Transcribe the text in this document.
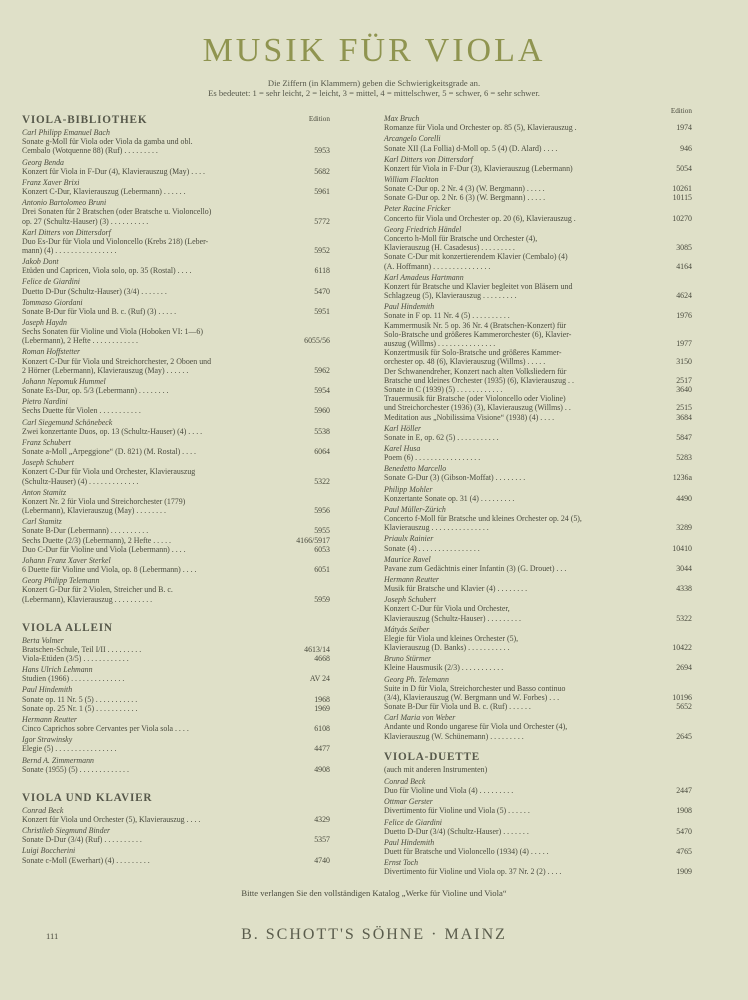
MUSIK FÜR VIOLA
Die Ziffern (in Klammern) geben die Schwierigkeitsgrade an.
Es bedeutet: 1 = sehr leicht, 2 = leicht, 3 = mittel, 4 = mittelschwer, 5 = schwer, 6 = sehr schwer.
VIOLA-BIBLIOTHEK	Edition
Carl Philipp Emanuel Bach
Sonate g-Moll für Viola oder Viola da gamba und obl.
Cembalo (Wotquenne 88) (Ruf) . . . . . . . . .	5953
Georg Benda
Konzert für Viola in F-Dur (4), Klavierauszug (May) . . . .	5682
Franz Xaver Brixi
Konzert C-Dur, Klavierauszug (Lebermann) . . . . . .	5961
Antonio Bartolomeo Bruni
Drei Sonaten für 2 Bratschen (oder Bratsche u. Violoncello)
op. 27 (Schultz-Hauser) (3) . . . . . . . . . .	5772
Karl Ditters von Dittersdorf
Duo Es-Dur für Viola und Violoncello (Krebs 218) (Leber-
mann) (4) . . . . . . . . . . . . . . . .	5952
Jakob Dont
Etüden und Capricen, Viola solo, op. 35 (Rostal) . . . .	6118
Felice de Giardini
Duetto D-Dur (Schultz-Hauser) (3/4) . . . . . . .	5470
Tommaso Giordani
Sonate B-Dur für Viola und B. c. (Ruf) (3) . . . . .	5951
Joseph Haydn
Sechs Sonaten für Violine und Viola (Hoboken VI: 1—6)
(Lebermann), 2 Hefte . . . . . . . . . . . .	6055/56
Roman Hoffstetter
Konzert C-Dur für Viola und Streichorchester, 2 Oboen und
2 Hörner (Lebermann), Klavierauszug (May) . . . . . .	5962
Johann Nepomuk Hummel
Sonate Es-Dur, op. 5/3 (Lebermann) . . . . . . . .	5954
Pietro Nardini
Sechs Duette für Violen . . . . . . . . . . .	5960
Carl Siegemund Schönebeck
Zwei konzertante Duos, op. 13 (Schultz-Hauser) (4) . . . .	5538
Franz Schubert
Sonate a-Moll „Arpeggione“ (D. 821) (M. Rostal) . . . .	6064
Joseph Schubert
Konzert C-Dur für Viola und Orchester, Klavierauszug
(Schultz-Hauser) (4) . . . . . . . . . . . . .	5322
Anton Stamitz
Konzert Nr. 2 für Viola und Streichorchester (1779)
(Lebermann), Klavierauszug (May) . . . . . . . .	5956
Carl Stamitz
Sonate B-Dur (Lebermann) . . . . . . . . . .	5955
Sechs Duette (2/3) (Lebermann), 2 Hefte . . . . .	4166/5917
Duo C-Dur für Violine und Viola (Lebermann) . . . .	6053
Johann Franz Xaver Sterkel
6 Duette für Violine und Viola, op. 8 (Lebermann) . . . .	6051
Georg Philipp Telemann
Konzert G-Dur für 2 Violen, Streicher und B. c.
(Lebermann), Klavierauszug . . . . . . . . . .	5959
VIOLA ALLEIN
Berta Volmer
Bratschen-Schule, Teil I/II . . . . . . . . .	4613/14
Viola-Etüden (3/5) . . . . . . . . . . . .	4668
Hans Ulrich Lehmann
Studien (1966) . . . . . . . . . . . . . .	AV 24
Paul Hindemith
Sonate op. 11 Nr. 5 (5) . . . . . . . . . . .	1968
Sonate op. 25 Nr. 1 (5) . . . . . . . . . . .	1969
Hermann Reutter
Cinco Caprichos sobre Cervantes per Viola sola . . . .	6108
Igor Strawinsky
Elegie (5) . . . . . . . . . . . . . . . .	4477
Bernd A. Zimmermann
Sonate (1955) (5) . . . . . . . . . . . . .	4908
VIOLA UND KLAVIER
Conrad Beck
Konzert für Viola und Orchester (5), Klavierauszug . . . .	4329
Christlieb Siegmund Binder
Sonate D-Dur (3/4) (Ruf) . . . . . . . . . .	5357
Luigi Boccherini
Sonate c-Moll (Ewerhart) (4) . . . . . . . . .	4740
Edition
Max Bruch
Romanze für Viola und Orchester op. 85 (5), Klavierauszug .	1974
Arcangelo Corelli
Sonate XII (La Follia) d-Moll op. 5 (4) (D. Alard) . . . .	946
Karl Ditters von Dittersdorf
Konzert für Viola in F-Dur (3), Klavierauszug (Lebermann)	5054
William Flackton
Sonate C-Dur op. 2 Nr. 4 (3) (W. Bergmann) . . . . .	10261
Sonate G-Dur op. 2 Nr. 6 (3) (W. Bergmann) . . . . .	10115
Peter Racine Fricker
Concerto für Viola und Orchester op. 20 (6), Klavierauszug .	10270
Georg Friedrich Händel
Concerto h-Moll für Bratsche und Orchester (4),
Klavierauszug (H. Casadesus) . . . . . . . . .	3085
Sonate C-Dur mit konzertierendem Klavier (Cembalo) (4)
(A. Hoffmann) . . . . . . . . . . . . . . .	4164
Karl Amadeus Hartmann
Konzert für Bratsche und Klavier begleitet von Bläsern und
Schlagzeug (5), Klavierauszug . . . . . . . . .	4624
Paul Hindemith
Sonate in F op. 11 Nr. 4 (5) . . . . . . . . . .	1976
Kammermusik Nr. 5 op. 36 Nr. 4 (Bratschen-Konzert) für
Solo-Bratsche und größeres Kammerorchester (6), Klavier-
auszug (Willms) . . . . . . . . . . . . . . .	1977
Konzertmusik für Solo-Bratsche und größeres Kammer-
orchester op. 48 (6), Klavierauszug (Willms) . . . . .	3150
Der Schwanendreher, Konzert nach alten Volksliedern für
Bratsche und kleines Orchester (1935) (6), Klavierauszug . .	2517
Sonate in C (1939) (5) . . . . . . . . . . . .	3640
Trauermusik für Bratsche (oder Violoncello oder Violine)
und Streichorchester (1936) (3), Klavierauszug (Willms) . .	2515
Meditation aus „Nobilissima Visione“ (1938) (4) . . . .	3684
Karl Höller
Sonate in E, op. 62 (5) . . . . . . . . . . .	5847
Karel Husa
Poem (6) . . . . . . . . . . . . . . . . .	5283
Benedetto Marcello
Sonate G-Dur (3) (Gibson-Moffat) . . . . . . . .	1236a
Philipp Mohler
Konzertante Sonate op. 31 (4) . . . . . . . . .	4490
Paul Müller-Zürich
Concerto f-Moll für Bratsche und kleines Orchester op. 24 (5),
Klavierauszug . . . . . . . . . . . . . . .	3289
Priaulx Rainier
Sonate (4) . . . . . . . . . . . . . . . .	10410
Maurice Ravel
Pavane zum Gedächtnis einer Infantin (3) (G. Drouet) . . .	3044
Hermann Reutter
Musik für Bratsche und Klavier (4) . . . . . . . .	4338
Joseph Schubert
Konzert C-Dur für Viola und Orchester,
Klavierauszug (Schultz-Hauser) . . . . . . . . .	5322
Mátyás Seiber
Elegie für Viola und kleines Orchester (5),
Klavierauszug (D. Banks) . . . . . . . . . . .	10422
Bruno Stürmer
Kleine Hausmusik (2/3) . . . . . . . . . . .	2694
Georg Ph. Telemann
Suite in D für Viola, Streichorchester und Basso continuo
(3/4), Klavierauszug (W. Bergmann und W. Forbes) . . .	10196
Sonate B-Dur für Viola und B. c. (Ruf) . . . . . .	5652
Carl Maria von Weber
Andante und Rondo ungarese für Viola und Orchester (4),
Klavierauszug (W. Schünemann) . . . . . . . . .	2645
VIOLA-DUETTE
(auch mit anderen Instrumenten)
Conrad Beck
Duo für Violine und Viola (4) . . . . . . . . .	2447
Ottmar Gerster
Divertimento für Violine und Viola (5) . . . . . .	1908
Felice de Giardini
Duetto D-Dur (3/4) (Schultz-Hauser) . . . . . . .	5470
Paul Hindemith
Duett für Bratsche und Violoncello (1934) (4) . . . . .	4765
Ernst Toch
Divertimento für Violine und Viola op. 37 Nr. 2 (2) . . . .	1909
Bitte verlangen Sie den vollständigen Katalog „Werke für Violine und Viola“
111	B. SCHOTT'S SÖHNE · MAINZ
